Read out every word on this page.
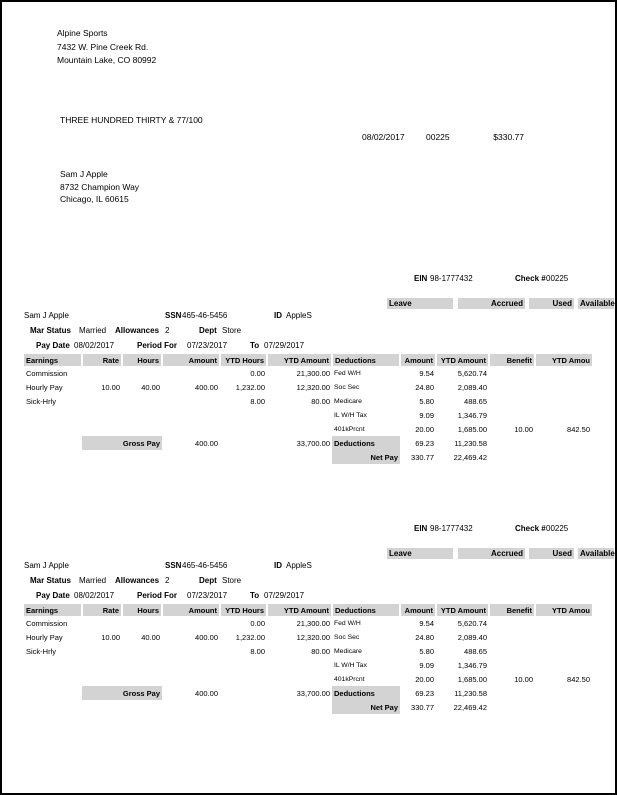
Alpine Sports
7432 W. Pine Creek Rd.
Mountain Lake, CO 80992
THREE HUNDRED THIRTY & 77/100
08/02/2017	00225	$330.77
Sam J Apple
8732 Champion Way
Chicago, IL 60615
EIN 98-1777432	Check # 00225
Leave	Accrued	Used Available
Sam J Apple	SSN 465-46-5456	ID AppleS
Mar Status Married Allowances 2	Dept Store
Pay Date 08/02/2017	Period For 07/23/2017	To 07/29/2017
Earnings	Rate	Hours	Amount	YTD Hours	YTD Amount	Deductions	Amount	YTD Amount	Benefit	YTD Amou
Commission				0.00	21,300.00	Fed W/H	9.54	5,620.74		
Hourly Pay	10.00	40.00	400.00	1,232.00	12,320.00	Soc Sec	24.80	2,089.40		
Sick-Hrly				8.00	80.00	Medicare	5.80	488.65		
						IL W/H Tax	9.09	1,346.79		
						401kPrcnt	20.00	1,685.00	10.00	842.50
	Gross Pay		400.00		33,700.00	Deductions	69.23	11,230.58		
						Net Pay	330.77	22,469.42		
EIN 98-1777432	Check # 00225
Leave	Accrued	Used Available
Sam J Apple	SSN 465-46-5456	ID AppleS
Mar Status Married Allowances 2	Dept Store
Pay Date 08/02/2017	Period For 07/23/2017	To 07/29/2017
Earnings	Rate	Hours	Amount	YTD Hours	YTD Amount	Deductions	Amount	YTD Amount	Benefit	YTD Amou
Commission				0.00	21,300.00	Fed W/H	9.54	5,620.74		
Hourly Pay	10.00	40.00	400.00	1,232.00	12,320.00	Soc Sec	24.80	2,089.40		
Sick-Hrly				8.00	80.00	Medicare	5.80	488.65		
						IL W/H Tax	9.09	1,346.79		
						401kPrcnt	20.00	1,685.00	10.00	842.50
	Gross Pay		400.00		33,700.00	Deductions	69.23	11,230.58		
						Net Pay	330.77	22,469.42		
